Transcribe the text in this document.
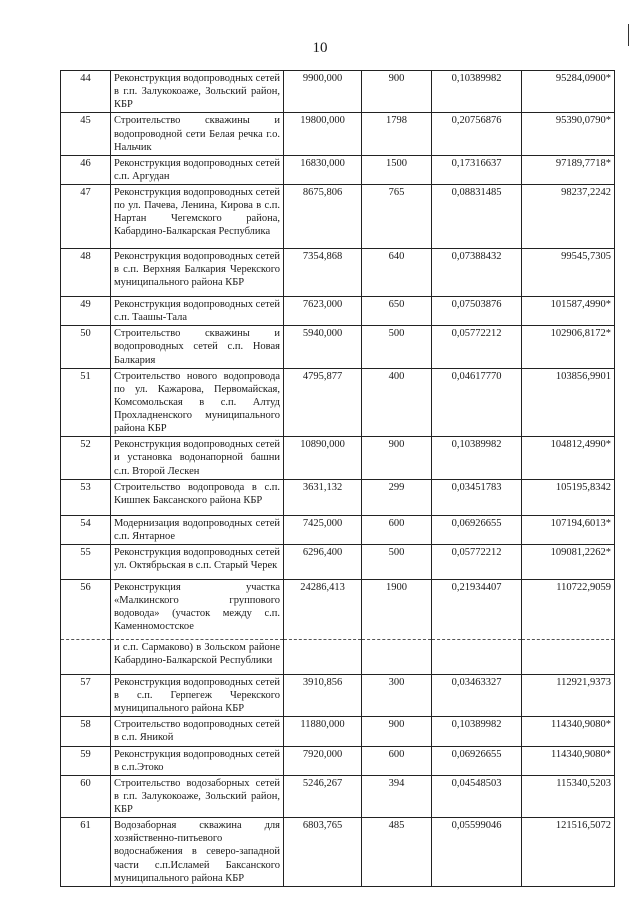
10
44	Реконструкция водопроводных сетей в г.п. Залукокоаже, Зольский район, КБР	9900,000	900	0,10389982	95284,0900*
45	Строительство скважины и водопроводной сети Белая речка г.о. Нальчик	19800,000	1798	0,20756876	95390,0790*
46	Реконструкция водопроводных сетей с.п. Аргудан	16830,000	1500	0,17316637	97189,7718*
47	Реконструкция водопроводных сетей по ул. Пачева, Ленина, Кирова в с.п. Нартан Чегемского района, Кабардино-Балкарская Республика	8675,806	765	0,08831485	98237,2242
48	Реконструкция водопроводных сетей в с.п. Верхняя Балкария Черекского муниципального района КБР	7354,868	640	0,07388432	99545,7305
49	Реконструкция водопроводных сетей с.п. Таашы-Тала	7623,000	650	0,07503876	101587,4990*
50	Строительство скважины и водопроводных сетей с.п. Новая Балкария	5940,000	500	0,05772212	102906,8172*
51	Строительство нового водопровода по ул. Кажарова, Первомайская, Комсомольская в с.п. Алтуд Прохладненского муниципального района КБР	4795,877	400	0,04617770	103856,9901
52	Реконструкция водопроводных сетей и установка водонапорной башни с.п. Второй Лескен	10890,000	900	0,10389982	104812,4990*
53	Строительство водопровода в с.п. Кишпек Баксанского района КБР	3631,132	299	0,03451783	105195,8342
54	Модернизация водопроводных сетей с.п. Янтарное	7425,000	600	0,06926655	107194,6013*
55	Реконструкция водопроводных сетей ул. Октябрьская в с.п. Старый Черек	6296,400	500	0,05772212	109081,2262*
56	Реконструкция участка «Малкинского группового водовода» (участок между с.п. Каменномостское	24286,413	1900	0,21934407	110722,9059
	и с.п. Сармаково) в Зольском районе Кабардино-Балкарской Республики				
57	Реконструкция водопроводных сетей в с.п. Герпегеж Черекского муниципального района КБР	3910,856	300	0,03463327	112921,9373
58	Строительство водопроводных сетей в с.п. Яникой	11880,000	900	0,10389982	114340,9080*
59	Реконструкция водопроводных сетей в с.п.Этоко	7920,000	600	0,06926655	114340,9080*
60	Строительство водозаборных сетей в г.п. Залукокоаже, Зольский район, КБР	5246,267	394	0,04548503	115340,5203
61	Водозаборная скважина для хозяйственно-питьевого водоснабжения в северо-западной части с.п.Исламей Баксанского муниципального района КБР	6803,765	485	0,05599046	121516,5072
